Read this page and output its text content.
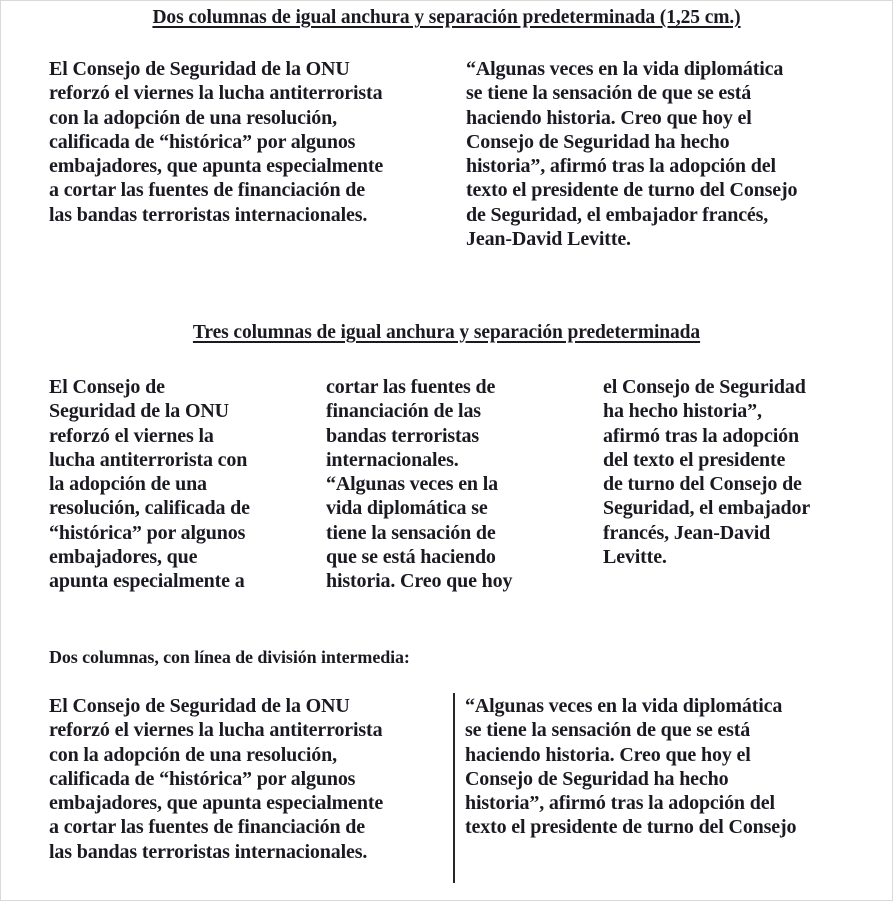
Dos columnas de igual anchura y separación predeterminada (1,25 cm.)
El Consejo de Seguridad de la ONU
reforzó el viernes la lucha antiterrorista
con la adopción de una resolución,
calificada de “histórica” por algunos
embajadores, que apunta especialmente
a cortar las fuentes de financiación de
las bandas terroristas internacionales.
“Algunas veces en la vida diplomática
se tiene la sensación de que se está
haciendo historia. Creo que hoy el
Consejo de Seguridad ha hecho
historia”, afirmó tras la adopción del
texto el presidente de turno del Consejo
de Seguridad, el embajador francés,
Jean-David Levitte.
Tres columnas de igual anchura y separación predeterminada
El Consejo de
Seguridad de la ONU
reforzó el viernes la
lucha antiterrorista con
la adopción de una
resolución, calificada de
“histórica” por algunos
embajadores, que
apunta especialmente a
cortar las fuentes de
financiación de las
bandas terroristas
internacionales.
“Algunas veces en la
vida diplomática se
tiene la sensación de
que se está haciendo
historia. Creo que hoy
el Consejo de Seguridad
ha hecho historia”,
afirmó tras la adopción
del texto el presidente
de turno del Consejo de
Seguridad, el embajador
francés, Jean-David
Levitte.
Dos columnas, con línea de división intermedia:
El Consejo de Seguridad de la ONU
reforzó el viernes la lucha antiterrorista
con la adopción de una resolución,
calificada de “histórica” por algunos
embajadores, que apunta especialmente
a cortar las fuentes de financiación de
las bandas terroristas internacionales.
“Algunas veces en la vida diplomática
se tiene la sensación de que se está
haciendo historia. Creo que hoy el
Consejo de Seguridad ha hecho
historia”, afirmó tras la adopción del
texto el presidente de turno del Consejo
